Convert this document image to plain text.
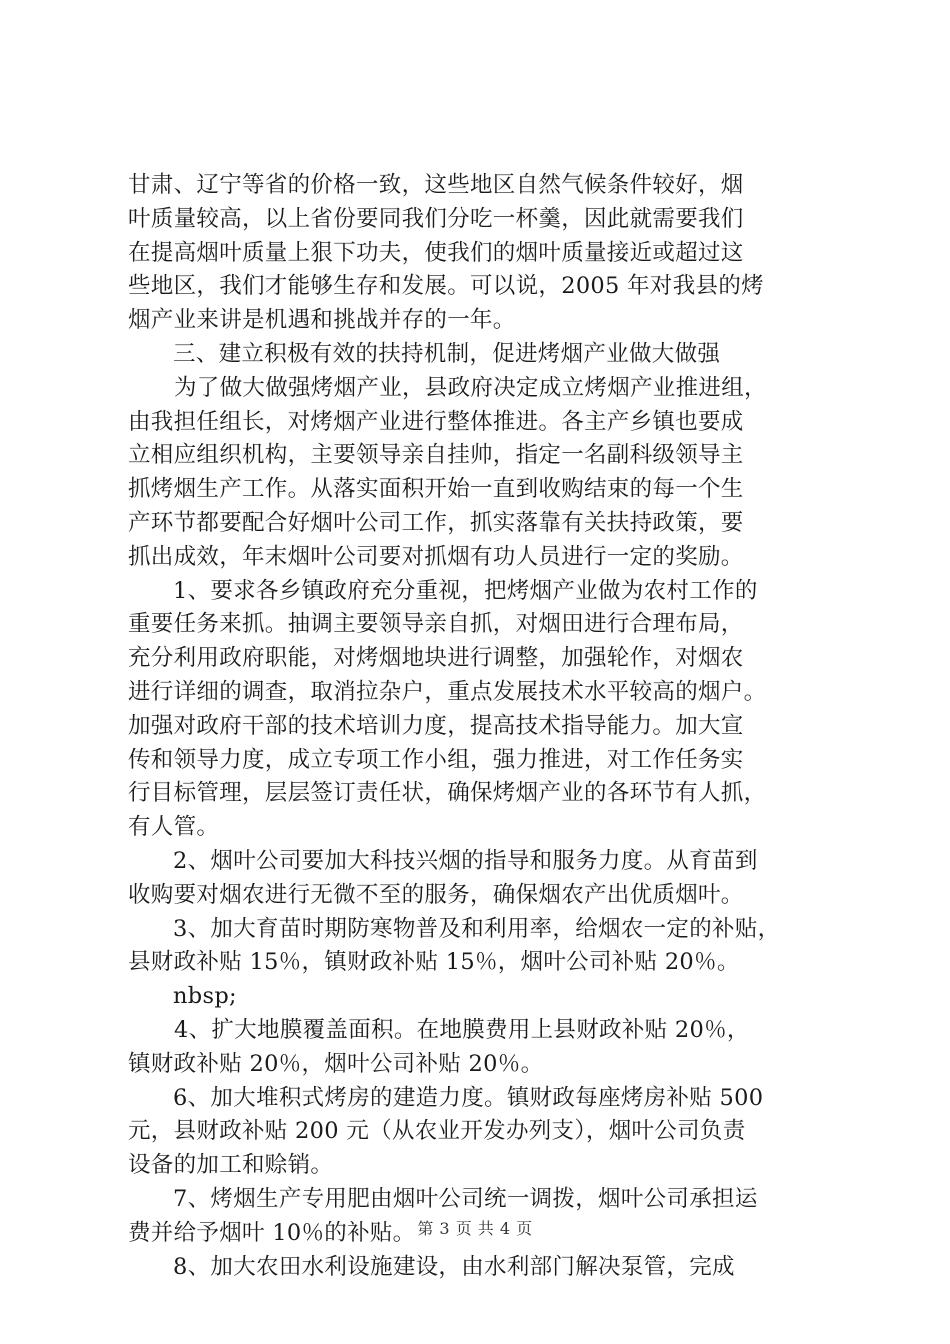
甘肃、辽宁等省的价格一致，这些地区自然气候条件较好，烟
叶质量较高，以上省份要同我们分吃一杯羹，因此就需要我们
在提高烟叶质量上狠下功夫，使我们的烟叶质量接近或超过这
些地区，我们才能够生存和发展。可以说，2005 年对我县的烤
烟产业来讲是机遇和挑战并存的一年。
三、建立积极有效的扶持机制，促进烤烟产业做大做强
为了做大做强烤烟产业，县政府决定成立烤烟产业推进组，
由我担任组长，对烤烟产业进行整体推进。各主产乡镇也要成
立相应组织机构，主要领导亲自挂帅，指定一名副科级领导主
抓烤烟生产工作。从落实面积开始一直到收购结束的每一个生
产环节都要配合好烟叶公司工作，抓实落靠有关扶持政策，要
抓出成效，年末烟叶公司要对抓烟有功人员进行一定的奖励。
1、要求各乡镇政府充分重视，把烤烟产业做为农村工作的
重要任务来抓。抽调主要领导亲自抓，对烟田进行合理布局，
充分利用政府职能，对烤烟地块进行调整，加强轮作，对烟农
进行详细的调查，取消拉杂户，重点发展技术水平较高的烟户。
加强对政府干部的技术培训力度，提高技术指导能力。加大宣
传和领导力度，成立专项工作小组，强力推进，对工作任务实
行目标管理，层层签订责任状，确保烤烟产业的各环节有人抓，
有人管。
2、烟叶公司要加大科技兴烟的指导和服务力度。从育苗到
收购要对烟农进行无微不至的服务，确保烟农产出优质烟叶。
3、加大育苗时期防寒物普及和利用率，给烟农一定的补贴，
县财政补贴 15％，镇财政补贴 15％，烟叶公司补贴 20％。
nbsp;
4、扩大地膜覆盖面积。在地膜费用上县财政补贴 20％，
镇财政补贴 20％，烟叶公司补贴 20％。
6、加大堆积式烤房的建造力度。镇财政每座烤房补贴 500
元，县财政补贴 200 元（从农业开发办列支），烟叶公司负责
设备的加工和赊销。
7、烤烟生产专用肥由烟叶公司统一调拨，烟叶公司承担运
费并给予烟叶 10％的补贴。
8、加大农田水利设施建设，由水利部门解决泵管，完成
第 3 页 共 4 页
